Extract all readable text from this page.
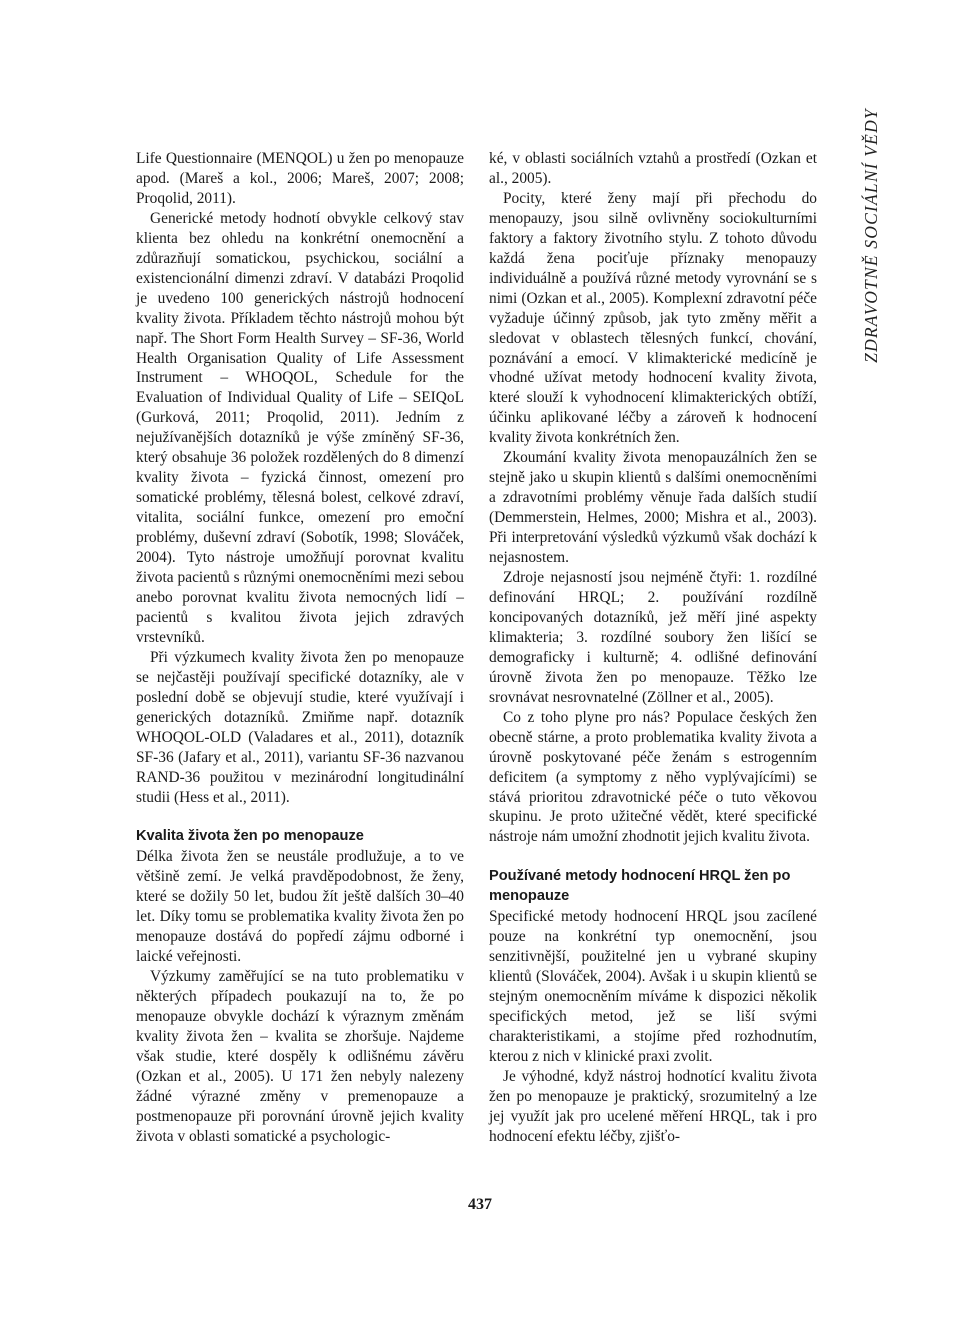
Life Questionnaire (MENQOL) u žen po menopauze apod. (Mareš a kol., 2006; Mareš, 2007; 2008; Proqolid, 2011).

Generické metody hodnotí obvykle celkový stav klienta bez ohledu na konkrétní onemocnění a zdůrazňují somatickou, psychickou, sociální a existencionální dimenzi zdraví. V databázi Proqolid je uvedeno 100 generických nástrojů hodnocení kvality života. Příkladem těchto nástrojů mohou být např. The Short Form Health Survey – SF-36, World Health Organisation Quality of Life Assessment Instrument – WHOQOL, Schedule for the Evaluation of Individual Quality of Life – SEIQoL (Gurková, 2011; Proqolid, 2011). Jedním z nejužívanějších dotazníků je výše zmíněný SF-36, který obsahuje 36 položek rozdělených do 8 dimenzí kvality života – fyzická činnost, omezení pro somatické problémy, tělesná bolest, celkové zdraví, vitalita, sociální funkce, omezení pro emoční problémy, duševní zdraví (Sobotík, 1998; Slováček, 2004). Tyto nástroje umožňují porovnat kvalitu života pacientů s různými onemocněními mezi sebou anebo porovnat kvalitu života nemocných lidí – pacientů s kvalitou života jejich zdravých vrstevníků.

Při výzkumech kvality života žen po menopauze se nejčastěji používají specifické dotazníky, ale v poslední době se objevují studie, které využívají i generických dotazníků. Zmiňme např. dotazník WHOQOL-OLD (Valadares et al., 2011), dotazník SF-36 (Jafary et al., 2011), variantu SF-36 nazvanou RAND-36 použitou v mezinárodní longitudinální studii (Hess et al., 2011).

Kvalita života žen po menopauze

Délka života žen se neustále prodlužuje, a to ve většině zemí. Je velká pravděpodobnost, že ženy, které se dožily 50 let, budou žít ještě dalších 30–40 let. Díky tomu se problematika kvality života žen po menopauze dostává do popředí zájmu odborné i laické veřejnosti.

Výzkumy zaměřující se na tuto problematiku v některých případech poukazují na to, že po menopauze obvykle dochází k výraznym změnám kvality života žen – kvalita se zhoršuje. Najdeme však studie, které dospěly k odlišnému závěru (Ozkan et al., 2005). U 171 žen nebyly nalezeny žádné výrazné změny v premenopauze a postmenopauze při porovnání úrovně jejich kvality života v oblasti somatické a psychologic-

ké, v oblasti sociálních vztahů a prostředí (Ozkan et al., 2005).

Pocity, které ženy mají při přechodu do menopauzy, jsou silně ovlivněny sociokulturními faktory a faktory životního stylu. Z tohoto důvodu každá žena pociťuje příznaky menopauzy individuálně a používá různé metody vyrovnání se s nimi (Ozkan et al., 2005). Komplexní zdravotní péče vyžaduje účinný způsob, jak tyto změny měřit a sledovat v oblastech tělesných funkcí, chování, poznávání a emocí. V klimakterické medicíně je vhodné užívat metody hodnocení kvality života, které slouží k vyhodnocení klimakterických obtíží, účinku aplikované léčby a zároveň k hodnocení kvality života konkrétních žen.

Zkoumání kvality života menopauzálních žen se stejně jako u skupin klientů s dalšími onemocněními a zdravotními problémy věnuje řada dalších studií (Demmerstein, Helmes, 2000; Mishra et al., 2003). Při interpretování výsledků výzkumů však dochází k nejasnostem.

Zdroje nejasností jsou nejméně čtyři: 1. rozdílné definování HRQL; 2. používání rozdílně koncipovaných dotazníků, jež měří jiné aspekty klimakteria; 3. rozdílné soubory žen lišící se demograficky i kulturně; 4. odlišné definování úrovně života žen po menopauze. Těžko lze srovnávat nesrovnatelné (Zöllner et al., 2005).

Co z toho plyne pro nás? Populace českých žen obecně stárne, a proto problematika kvality života a úrovně poskytované péče ženám s estrogenním deficitem (a symptomy z něho vyplývajícími) se stává prioritou zdravotnické péče o tuto věkovou skupinu. Je proto užitečné vědět, které specifické nástroje nám umožní zhodnotit jejich kvalitu života.

Používané metody hodnocení HRQL žen po menopauze

Specifické metody hodnocení HRQL jsou zacílené pouze na konkrétní typ onemocnění, jsou senzitivnější, použitelné jen u vybrané skupiny klientů (Slováček, 2004). Avšak i u skupin klientů se stejným onemocněním míváme k dispozici několik specifických metod, jež se liší svými charakteristikami, a stojíme před rozhodnutím, kterou z nich v klinické praxi zvolit.

Je výhodné, když nástroj hodnotící kvalitu života žen po menopauze je praktický, srozumitelný a lze jej využít jak pro ucelené měření HRQL, tak i pro hodnocení efektu léčby, zjišťo-

ZDRAVOTNĚ SOCIÁLNÍ VĚDY
437
